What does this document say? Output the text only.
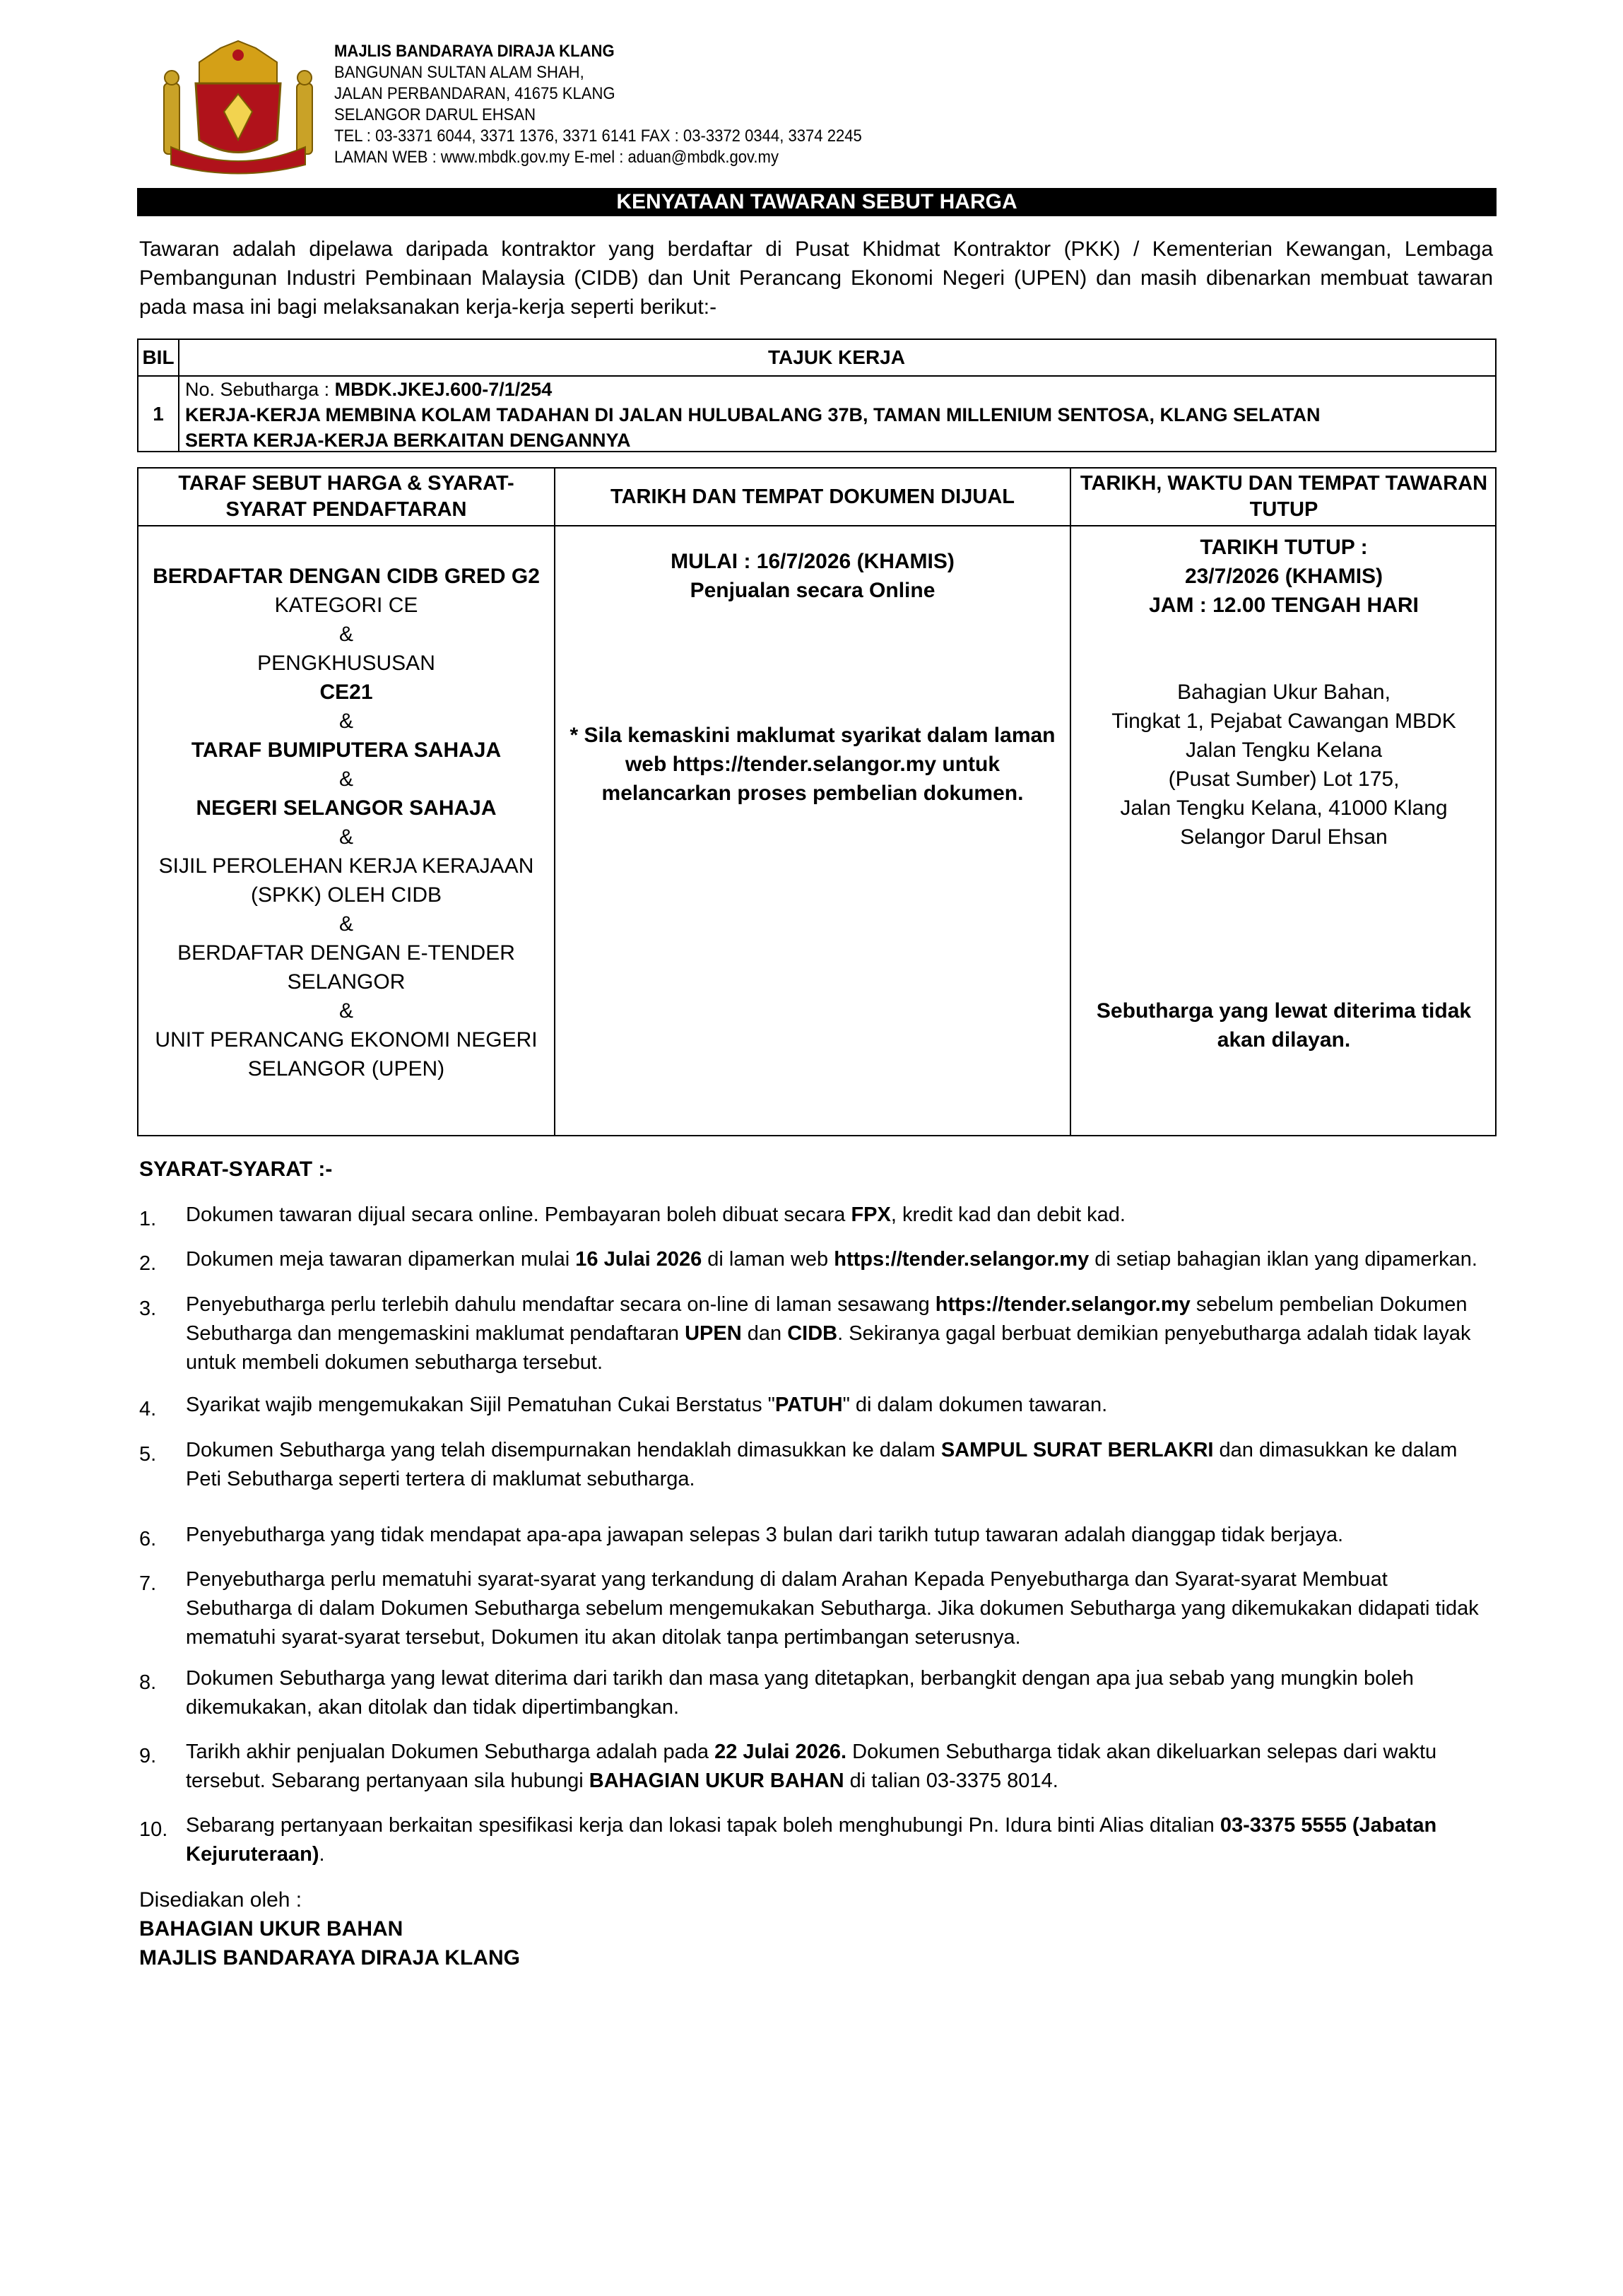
MAJLIS BANDARAYA DIRAJA KLANG
BANGUNAN SULTAN ALAM SHAH,
JALAN PERBANDARAN, 41675 KLANG
SELANGOR DARUL EHSAN
TEL : 03-3371 6044, 3371 1376, 3371 6141 FAX : 03-3372 0344, 3374 2245
LAMAN WEB : www.mbdk.gov.my E-mel : aduan@mbdk.gov.my
KENYATAAN TAWARAN SEBUT HARGA
Tawaran adalah dipelawa daripada kontraktor yang berdaftar di Pusat Khidmat Kontraktor (PKK) / Kementerian Kewangan, Lembaga Pembangunan Industri Pembinaan Malaysia (CIDB) dan Unit Perancang Ekonomi Negeri (UPEN) dan masih dibenarkan membuat tawaran pada masa ini bagi melaksanakan kerja-kerja seperti berikut:-
BIL	TAJUK KERJA
1
No. Sebutharga : MBDK.JKEJ.600-7/1/254
KERJA-KERJA MEMBINA KOLAM TADAHAN DI JALAN HULUBALANG 37B, TAMAN MILLENIUM SENTOSA, KLANG SELATAN
SERTA KERJA-KERJA BERKAITAN DENGANNYA
TARAF SEBUT HARGA & SYARAT-SYARAT PENDAFTARAN
TARIKH DAN TEMPAT DOKUMEN DIJUAL
TARIKH, WAKTU DAN TEMPAT TAWARAN TUTUP
BERDAFTAR DENGAN CIDB GRED G2
KATEGORI CE
&
PENGKHUSUSAN
CE21
&
TARAF BUMIPUTERA SAHAJA
&
NEGERI SELANGOR SAHAJA
&
SIJIL PEROLEHAN KERJA KERAJAAN
(SPKK) OLEH CIDB
&
BERDAFTAR DENGAN E-TENDER
SELANGOR
&
UNIT PERANCANG EKONOMI NEGERI
SELANGOR (UPEN)
MULAI : 16/7/2026 (KHAMIS)
Penjualan secara Online
* Sila kemaskini maklumat syarikat dalam laman web https://tender.selangor.my untuk melancarkan proses pembelian dokumen.
TARIKH TUTUP :
23/7/2026 (KHAMIS)
JAM : 12.00 TENGAH HARI
Bahagian Ukur Bahan,
Tingkat 1, Pejabat Cawangan MBDK
Jalan Tengku Kelana
(Pusat Sumber) Lot 175,
Jalan Tengku Kelana, 41000 Klang
Selangor Darul Ehsan
Sebutharga yang lewat diterima tidak akan dilayan.
SYARAT-SYARAT :-
1. Dokumen tawaran dijual secara online. Pembayaran boleh dibuat secara FPX, kredit kad dan debit kad.
2. Dokumen meja tawaran dipamerkan mulai 16 Julai 2026 di laman web https://tender.selangor.my di setiap bahagian iklan yang dipamerkan.
3. Penyebutharga perlu terlebih dahulu mendaftar secara on-line di laman sesawang https://tender.selangor.my sebelum pembelian Dokumen Sebutharga dan mengemaskini maklumat pendaftaran UPEN dan CIDB. Sekiranya gagal berbuat demikian penyebutharga adalah tidak layak untuk membeli dokumen sebutharga tersebut.
4. Syarikat wajib mengemukakan Sijil Pematuhan Cukai Berstatus "PATUH" di dalam dokumen tawaran.
5. Dokumen Sebutharga yang telah disempurnakan hendaklah dimasukkan ke dalam SAMPUL SURAT BERLAKRI dan dimasukkan ke dalam Peti Sebutharga seperti tertera di maklumat sebutharga.
6. Penyebutharga yang tidak mendapat apa-apa jawapan selepas 3 bulan dari tarikh tutup tawaran adalah dianggap tidak berjaya.
7. Penyebutharga perlu mematuhi syarat-syarat yang terkandung di dalam Arahan Kepada Penyebutharga dan Syarat-syarat Membuat Sebutharga di dalam Dokumen Sebutharga sebelum mengemukakan Sebutharga. Jika dokumen Sebutharga yang dikemukakan didapati tidak mematuhi syarat-syarat tersebut, Dokumen itu akan ditolak tanpa pertimbangan seterusnya.
8. Dokumen Sebutharga yang lewat diterima dari tarikh dan masa yang ditetapkan, berbangkit dengan apa jua sebab yang mungkin boleh dikemukakan, akan ditolak dan tidak dipertimbangkan.
9. Tarikh akhir penjualan Dokumen Sebutharga adalah pada 22 Julai 2026. Dokumen Sebutharga tidak akan dikeluarkan selepas dari waktu tersebut. Sebarang pertanyaan sila hubungi BAHAGIAN UKUR BAHAN di talian 03-3375 8014.
10. Sebarang pertanyaan berkaitan spesifikasi kerja dan lokasi tapak boleh menghubungi Pn. Idura binti Alias ditalian 03-3375 5555 (Jabatan Kejuruteraan).
Disediakan oleh :
BAHAGIAN UKUR BAHAN
MAJLIS BANDARAYA DIRAJA KLANG
